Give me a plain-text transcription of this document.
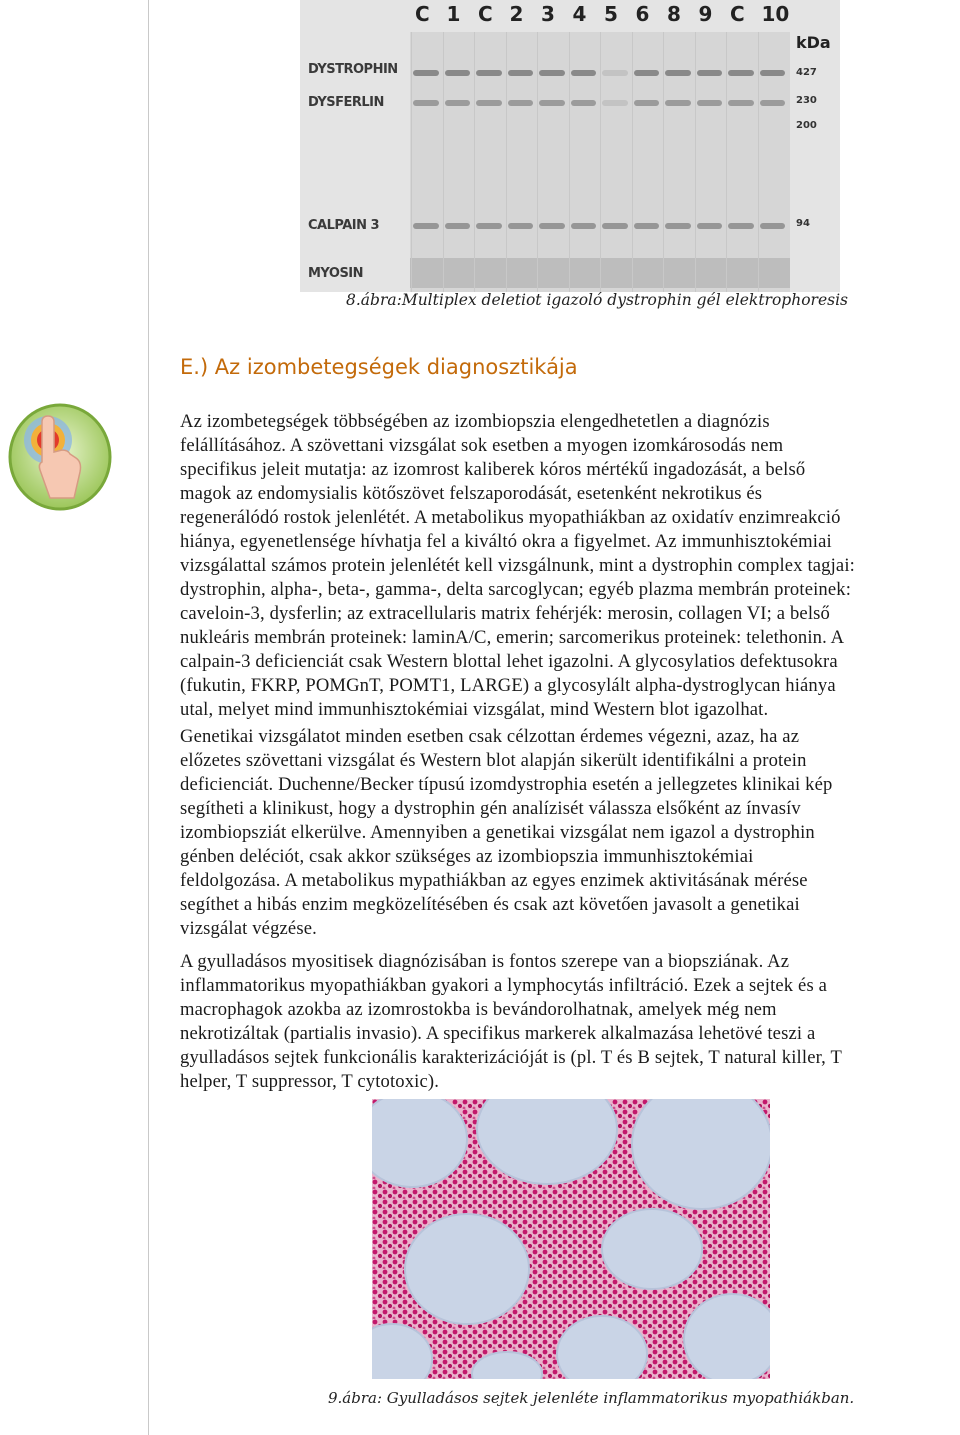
C 1 C 2 3 4 5 6 8 9 C 10
DYSTROPHIN
DYSFERLIN
CALPAIN 3
MYOSIN
kDa
427
230
200
94
8.ábra:Multiplex deletiot igazoló dystrophin gél elektrophoresis
E.) Az izombetegségek diagnosztikája
Az izombetegségek többségében az izombiopszia elengedhetetlen a diagnózis
felállításához. A szövettani vizsgálat sok esetben a myogen izomkárosodás nem
specifikus jeleit mutatja: az izomrost kaliberek kóros mértékű ingadozását, a belső
magok az endomysialis kötőszövet felszaporodását, esetenként nekrotikus és
regenerálódó rostok jelenlétét. A metabolikus myopathiákban az oxidatív enzimreakció
hiánya, egyenetlensége hívhatja fel a kiváltó okra a figyelmet. Az immunhisztokémiai
vizsgálattal számos protein jelenlétét kell vizsgálnunk, mint a dystrophin complex tagjai:
dystrophin, alpha-, beta-, gamma-, delta sarcoglycan; egyéb plazma membrán proteinek:
caveloin-3, dysferlin; az extracellularis matrix fehérjék: merosin, collagen VI; a belső
nukleáris membrán proteinek: laminA/C, emerin; sarcomerikus proteinek: telethonin. A
calpain-3 deficienciát csak Western blottal lehet igazolni. A glycosylatios defektusokra
(fukutin, FKRP, POMGnT, POMT1, LARGE) a glycosylált alpha-dystroglycan hiánya
utal, melyet mind immunhisztokémiai vizsgálat, mind Western blot igazolhat.
Genetikai vizsgálatot minden esetben csak célzottan érdemes végezni, azaz, ha az
előzetes szövettani vizsgálat és Western blot alapján sikerült identifikálni a protein
deficienciát. Duchenne/Becker típusú izomdystrophia esetén a jellegzetes klinikai kép
segítheti a klinikust, hogy a dystrophin gén analízisét válassza elsőként az ínvasív
izombiopsziát elkerülve. Amennyiben a genetikai vizsgálat nem igazol a dystrophin
génben deléciót, csak akkor szükséges az izombiopszia immunhisztokémiai
feldolgozása. A metabolikus mypathiákban az egyes enzimek aktivitásának mérése
segíthet a hibás enzim megközelítésében és csak azt követően javasolt a genetikai
vizsgálat végzése.
A gyulladásos myositisek diagnózisában is fontos szerepe van a biopsziának. Az
inflammatorikus myopathiákban gyakori a lymphocytás infiltráció. Ezek a sejtek és a
macrophagok azokba az izomrostokba is bevándorolhatnak, amelyek még nem
nekrotizáltak (partialis invasio). A specifikus markerek alkalmazása lehetövé teszi a
gyulladásos sejtek funkcionális karakterizációját is (pl. T és B sejtek, T natural killer, T
helper, T suppressor, T cytotoxic).
9.ábra: Gyulladásos sejtek jelenléte inflammatorikus myopathiákban.
